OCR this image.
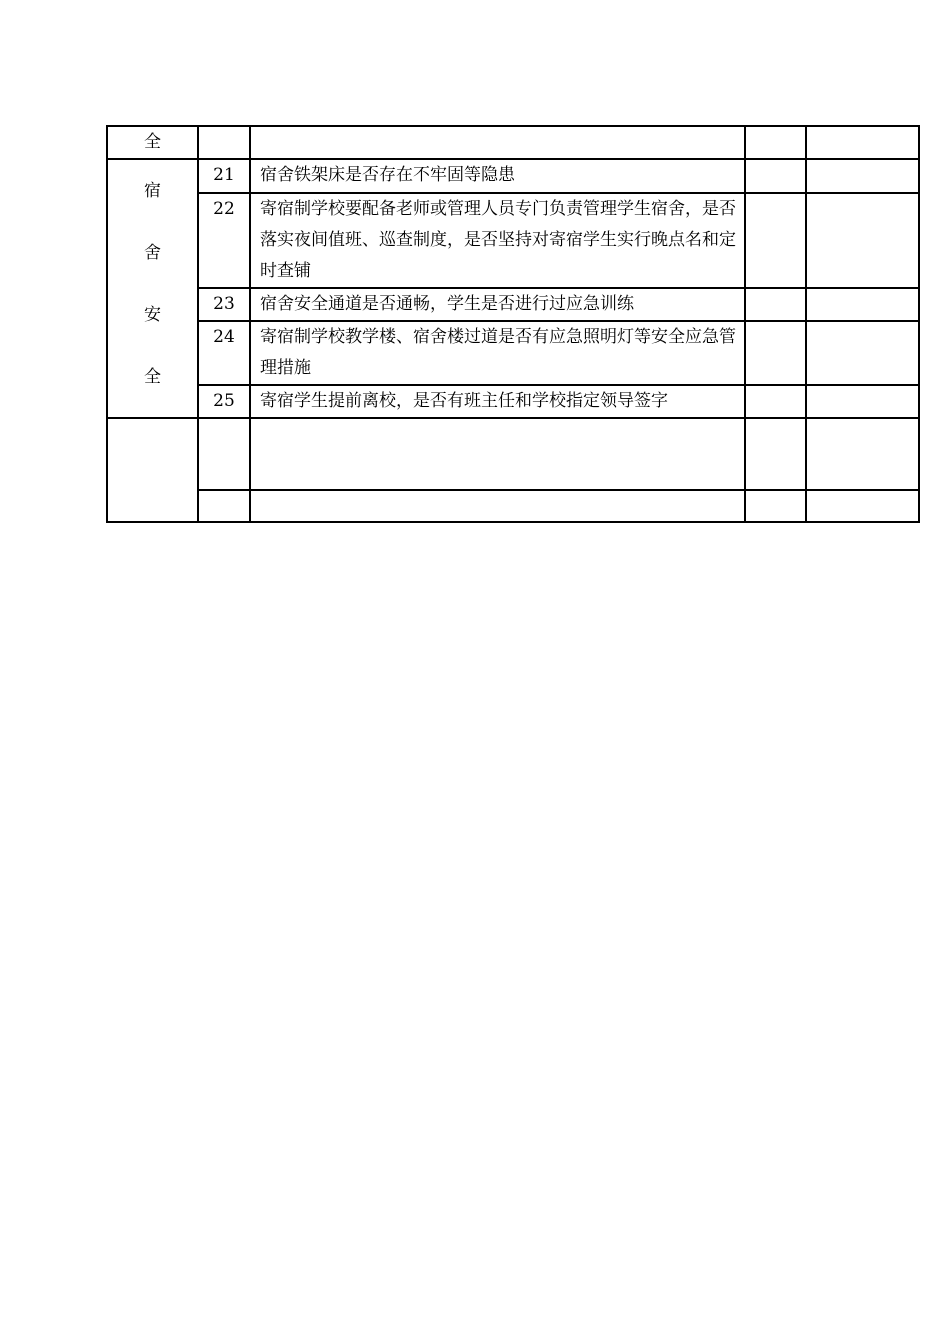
全				

宿
舍
安
全	21	宿舍铁架床是否存在不牢固等隐患		
	22	寄宿制学校要配备老师或管理人员专门负责管理学生宿舍，是否落实夜间值班、巡查制度，是否坚持对寄宿学生实行晚点名和定时查铺		
	23	宿舍安全通道是否通畅，学生是否进行过应急训练		
	24	寄宿制学校教学楼、宿舍楼过道是否有应急照明灯等安全应急管理措施		
	25	寄宿学生提前离校，是否有班主任和学校指定领导签字		
